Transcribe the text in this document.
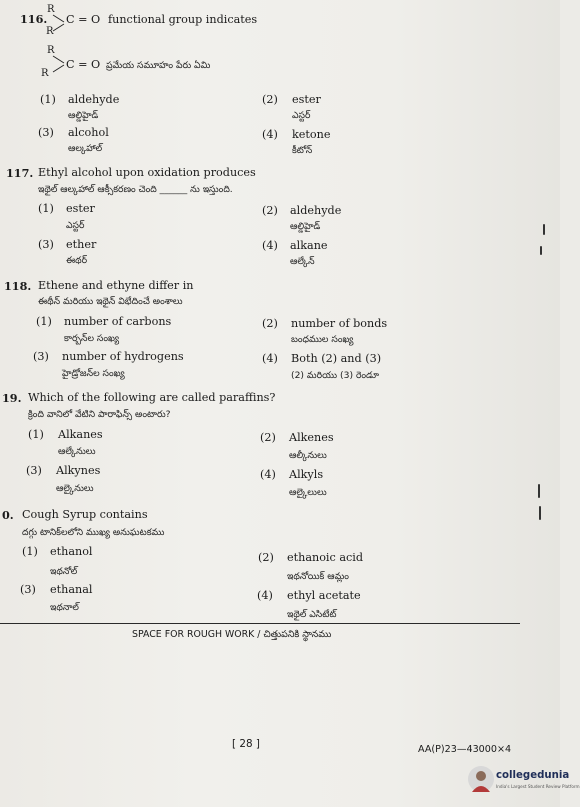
116.
R
R
C = O functional group indicates
R
R
C = O ప్రమేయ సమూహం పేరు ఏమి
(1) aldehyde
ఆల్డిహైడ్
(2) ester
ఎస్టర్
(3) alcohol
ఆల్కహాల్
(4) ketone
కీటోన్
117. Ethyl alcohol upon oxidation produces
ఇథైల్ ఆల్కహాల్ ఆక్సీకరణం చెంది ______ ను ఇస్తుంది.
(1) ester
ఎస్టర్
(2) aldehyde
ఆల్డిహైడ్
(3) ether
ఈథర్
(4) alkane
ఆల్కేన్
118. Ethene and ethyne differ in
ఈథీన్ మరియు ఇథైన్ విభేదించే అంశాలు
(1) number of carbons
కార్బన్‌ల సంఖ్య
(2) number of bonds
బంధముల సంఖ్య
(3) number of hydrogens
హైడ్రోజన్‌ల సంఖ్య
(4) Both (2) and (3)
(2) మరియు (3) రెండూ
19. Which of the following are called paraffins?
క్రింది వానిలో వేటిని పారాఫిన్స్ అంటారు?
(1) Alkanes
ఆల్కేనులు
(2) Alkenes
ఆల్కీనులు
(3) Alkynes
ఆల్కైనులు
(4) Alkyls
ఆల్కైలులు
0. Cough Syrup contains
దగ్గు టానిక్‌లలోని ముఖ్య అనుఘటకము
(1) ethanol
ఇథనోల్
(2) ethanoic acid
ఇథనోయిక్ ఆమ్లం
(3) ethanal
ఇథనాల్
(4) ethyl acetate
ఇథైల్ ఎసిటేట్
SPACE FOR ROUGH WORK / చిత్తుపనికి స్థానము
[ 28 ]	AA(P)23—43000×4
collegedunia
India's Largest Student Review Platform
